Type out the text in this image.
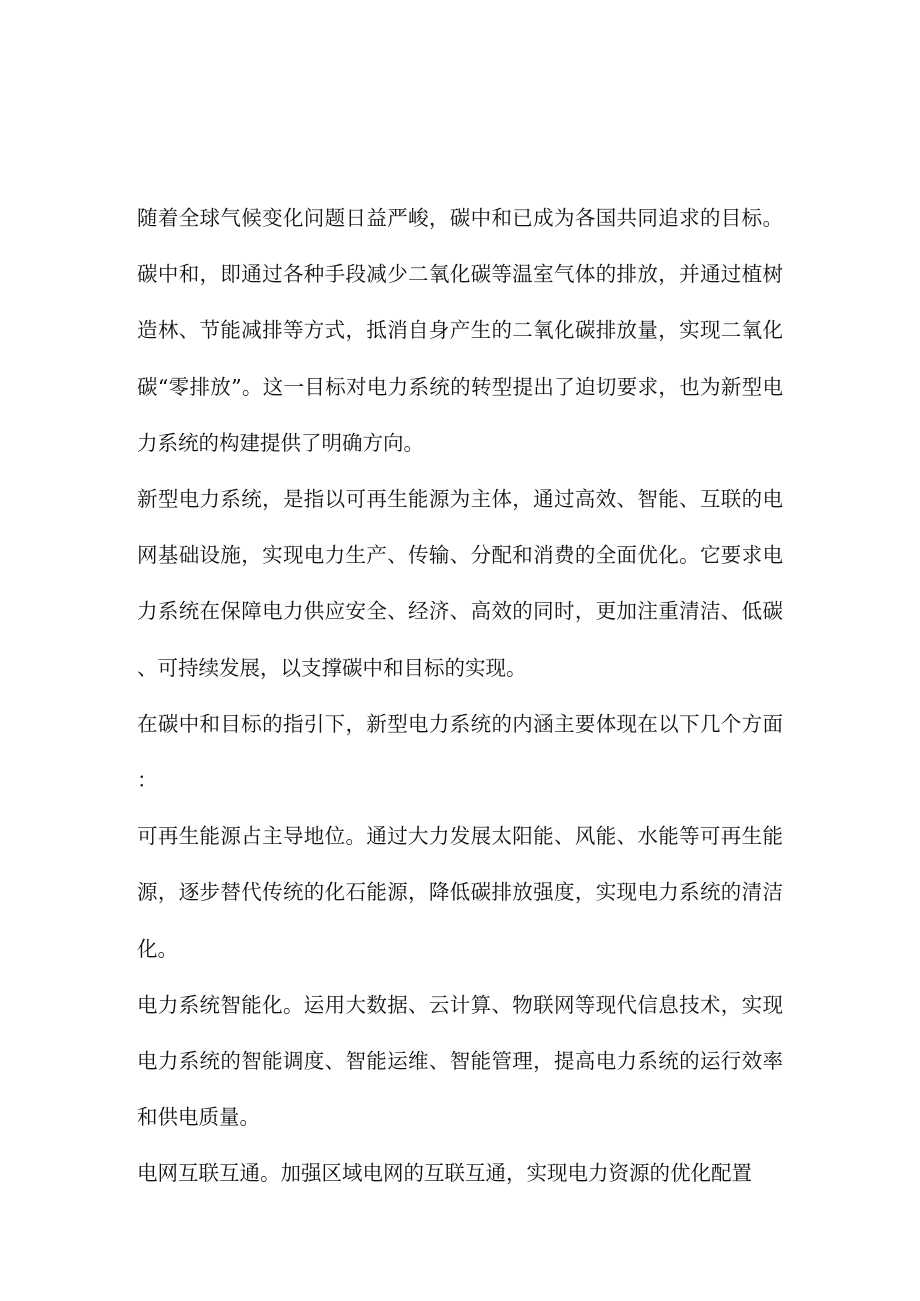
随着全球气候变化问题日益严峻，碳中和已成为各国共同追求的目标。碳中和，即通过各种手段减少二氧化碳等温室气体的排放，并通过植树造林、节能减排等方式，抵消自身产生的二氧化碳排放量，实现二氧化碳“零排放”。这一目标对电力系统的转型提出了迫切要求，也为新型电力系统的构建提供了明确方向。

新型电力系统，是指以可再生能源为主体，通过高效、智能、互联的电网基础设施，实现电力生产、传输、分配和消费的全面优化。它要求电力系统在保障电力供应安全、经济、高效的同时，更加注重清洁、低碳、可持续发展，以支撑碳中和目标的实现。

在碳中和目标的指引下，新型电力系统的内涵主要体现在以下几个方面：

可再生能源占主导地位。通过大力发展太阳能、风能、水能等可再生能源，逐步替代传统的化石能源，降低碳排放强度，实现电力系统的清洁化。

电力系统智能化。运用大数据、云计算、物联网等现代信息技术，实现电力系统的智能调度、智能运维、智能管理，提高电力系统的运行效率和供电质量。

电网互联互通。加强区域电网的互联互通，实现电力资源的优化配置
